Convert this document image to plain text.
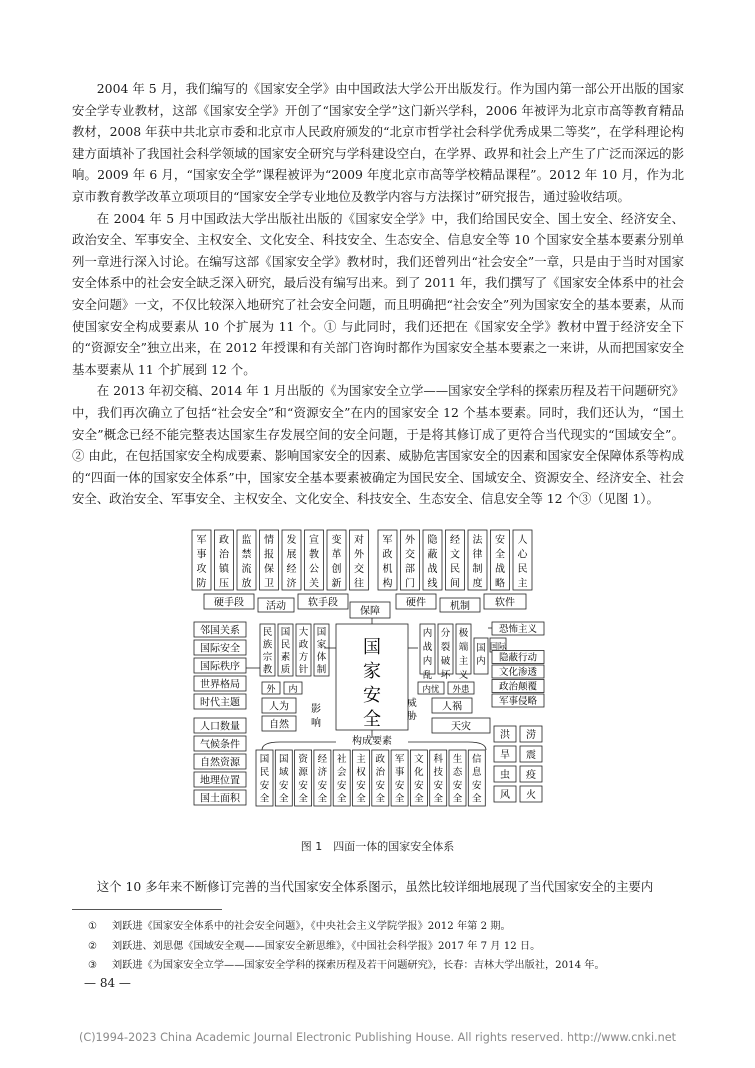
2004 年 5 月，我们编写的《国家安全学》由中国政法大学公开出版发行。作为国内第一部公开出版的国家安全学专业教材，这部《国家安全学》开创了“国家安全学”这门新兴学科，2006 年被评为北京市高等教育精品教材，2008 年获中共北京市委和北京市人民政府颁发的“北京市哲学社会科学优秀成果二等奖”，在学科理论构建方面填补了我国社会科学领域的国家安全研究与学科建设空白，在学界、政界和社会上产生了广泛而深远的影响。2009 年 6 月，“国家安全学”课程被评为“2009 年度北京市高等学校精品课程”。2012 年 10 月，作为北京市教育教学改革立项项目的“国家安全学专业地位及教学内容与方法探讨”研究报告，通过验收结项。

在 2004 年 5 月中国政法大学出版社出版的《国家安全学》中，我们给国民安全、国土安全、经济安全、政治安全、军事安全、主权安全、文化安全、科技安全、生态安全、信息安全等 10 个国家安全基本要素分别单列一章进行深入讨论。在编写这部《国家安全学》教材时，我们还曾列出“社会安全”一章，只是由于当时对国家安全体系中的社会安全缺乏深入研究，最后没有编写出来。到了 2011 年，我们撰写了《国家安全体系中的社会安全问题》一文，不仅比较深入地研究了社会安全问题，而且明确把“社会安全”列为国家安全的基本要素，从而使国家安全构成要素从 10 个扩展为 11 个。① 与此同时，我们还把在《国家安全学》教材中置于经济安全下的“资源安全”独立出来，在 2012 年授课和有关部门咨询时都作为国家安全基本要素之一来讲，从而把国家安全基本要素从 11 个扩展到 12 个。

在 2013 年初交稿、2014 年 1 月出版的《为国家安全立学——国家安全学科的探索历程及若干问题研究》中，我们再次确立了包括“社会安全”和“资源安全”在内的国家安全 12 个基本要素。同时，我们还认为，“国土安全”概念已经不能完整表达国家生存发展空间的安全问题，于是将其修订成了更符合当代现实的“国域安全”。② 由此，在包括国家安全构成要素、影响国家安全的因素、威胁危害国家安全的因素和国家安全保障体系等构成的“四面一体的国家安全体系”中，国家安全基本要素被确定为国民安全、国域安全、资源安全、经济安全、社会安全、政治安全、军事安全、主权安全、文化安全、科技安全、生态安全、信息安全等 12 个③（见图 1）。

军
事
攻
防
政
治
镇
压
监
禁
流
放
情
报
保
卫
发
展
经
济
宣
教
公
关
变
革
创
新
对
外
交
往
军
政
机
构
外
交
部
门
隐
蔽
战
线
经
文
民
间
法
律
制
度
安
全
战
略
人
心
民
主
硬手段 活动 软手段
保障
硬件 机制	软件
国
家
安
全
邻国关系
国际安全
国际秩序
世界格局
时代主题
民
族
宗
教
国
民
素
质
大
政
方
针
国
家
体
制
外 内
人为 影
响
自然
人口数量
气候条件
自然资源
地理位置
国土面积
内
战
内
乱
分
裂
破
坏
极
端
主
义
国
内
国际
恐怖主义
隐蔽行动
文化渗透
政治颠覆
军事侵略
内忧 外患
人祸
威
胁
天灾
洪 涝
旱 震
虫 疫
风 火
构成要素
国
民
安
全
国
域
安
全
资
源
安
全
经
济
安
全
社
会
安
全
主
权
安
全
政
治
安
全
军
事
安
全
文
化
安
全
科
技
安
全
生
态
安
全
信
息
安
全
图 1　四面一体的国家安全体系
这个 10 多年来不断修订完善的当代国家安全体系图示，虽然比较详细地展现了当代国家安全的主要内
① 刘跃进《国家安全体系中的社会安全问题》，《中央社会主义学院学报》2012 年第 2 期。
② 刘跃进、刘思偲《国域安全观——国家安全新思维》，《中国社会科学报》2017 年 7 月 12 日。
③ 刘跃进《为国家安全立学——国家安全学科的探索历程及若干问题研究》，长春：吉林大学出版社，2014 年。
— 84 —
(C)1994-2023 China Academic Journal Electronic Publishing House. All rights reserved. http://www.cnki.net
